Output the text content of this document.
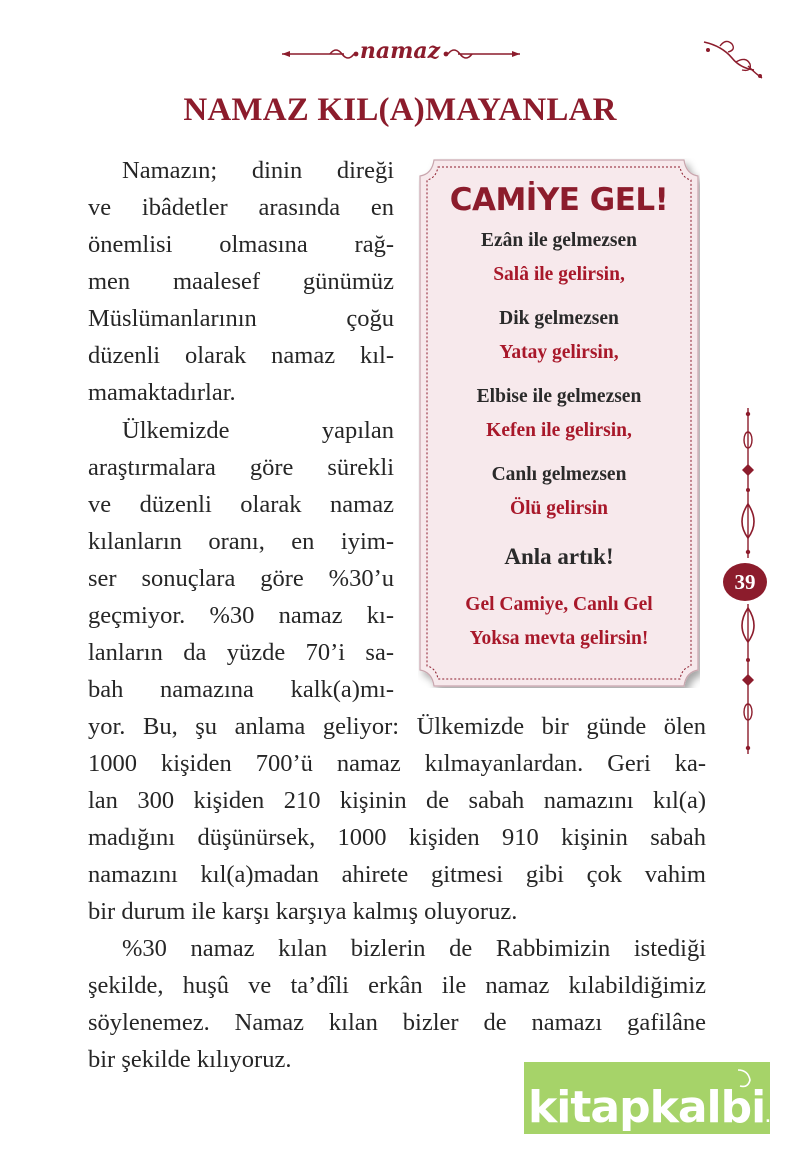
namaz
NAMAZ KIL(A)MAYANLAR
Namazın; dinin direği
ve ibâdetler arasında en
önemlisi olmasına rağ-
men maalesef günümüz
Müslümanlarının çoğu
düzenli olarak namaz kıl-
mamaktadırlar.
Ülkemizde yapılan
araştırmalara göre sürekli
ve düzenli olarak namaz
kılanların oranı, en iyim-
ser sonuçlara göre %30’u
geçmiyor. %30 namaz kı-
lanların da yüzde 70’i sa-
bah namazına kalk(a)mı-
yor. Bu, şu anlama geliyor: Ülkemizde bir günde ölen
1000 kişiden 700’ü namaz kılmayanlardan. Geri ka-
lan 300 kişiden 210 kişinin de sabah namazını kıl(a)
madığını düşünürsek, 1000 kişiden 910 kişinin sabah
namazını kıl(a)madan ahirete gitmesi gibi çok vahim
bir durum ile karşı karşıya kalmış oluyoruz.
%30 namaz kılan bizlerin de Rabbimizin istediği
şekilde, huşû ve ta’dîli erkân ile namaz kılabildiğimiz
söylenemez. Namaz kılan bizler de namazı gafilâne
bir şekilde kılıyoruz.
CAMİYE GEL!
Ezân ile gelmezsen
Salâ ile gelirsin,
Dik gelmezsen
Yatay gelirsin,
Elbise ile gelmezsen
Kefen ile gelirsin,
Canlı gelmezsen
Ölü gelirsin
Anla artık!
Gel Camiye, Canlı Gel
Yoksa mevta gelirsin!
39
kitapkalbi.com
